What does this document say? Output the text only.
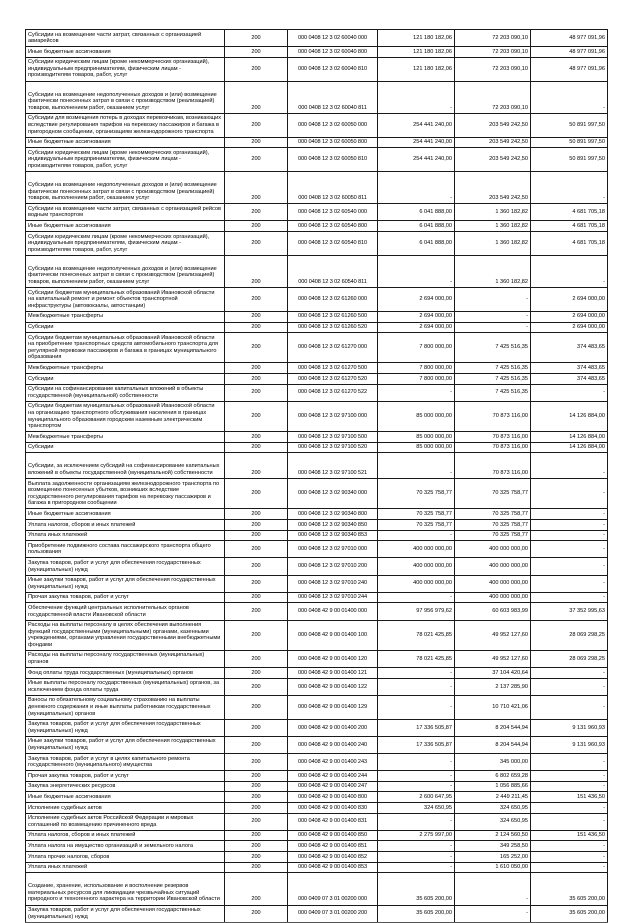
Субсидии на возмещение части затрат, связанных с организацией авиарейсов	200	000 0408 12 3 02 60040 000	121 180 182,06	72 203 090,10	48 977 091,96
Иные бюджетные ассигнования	200	000 0408 12 3 02 60040 800	121 180 182,06	72 203 090,10	48 977 091,96
Субсидии юридическим лицам (кроме некоммерческих организаций), индивидуальным предпринимателям, физическим лицам - производителям товаров, работ, услуг	200	000 0408 12 3 02 60040 810	121 180 182,06	72 203 090,10	48 977 091,96
Субсидии на возмещение недополученных доходов и (или) возмещение фактически понесенных затрат в связи с производством (реализацией) товаров, выполнением работ, оказанием услуг	200	000 0408 12 3 02 60040 811	-	72 203 090,10	-
Субсидии для возмещения потерь в доходах перевозчикам, возникающих вследствие регулирования тарифов на перевозку пассажиров и багажа в пригородном сообщении, организациям железнодорожного транспорта	200	000 0408 12 3 02 60050 000	254 441 240,00	203 549 242,50	50 891 997,50
Иные бюджетные ассигнования	200	000 0408 12 3 02 60050 800	254 441 240,00	203 549 242,50	50 891 997,50
Субсидии юридическим лицам (кроме некоммерческих организаций), индивидуальным предпринимателям, физическим лицам - производителям товаров, работ, услуг	200	000 0408 12 3 02 60050 810	254 441 240,00	203 549 242,50	50 891 997,50
Субсидии на возмещение недополученных доходов и (или) возмещение фактически понесенных затрат в связи с производством (реализацией) товаров, выполнением работ, оказанием услуг	200	000 0408 12 3 02 60050 811	-	203 549 242,50	-
Субсидии на возмещение части затрат, связанных с организацией рейсов водным транспортом	200	000 0408 12 3 02 60540 000	6 041 888,00	1 360 182,82	4 681 705,18
Иные бюджетные ассигнования	200	000 0408 12 3 02 60540 800	6 041 888,00	1 360 182,82	4 681 705,18
Субсидии юридическим лицам (кроме некоммерческих организаций), индивидуальным предпринимателям, физическим лицам - производителям товаров, работ, услуг	200	000 0408 12 3 02 60540 810	6 041 888,00	1 360 182,82	4 681 705,18
Субсидии на возмещение недополученных доходов и (или) возмещение фактически понесенных затрат в связи с производством (реализацией) товаров, выполнением работ, оказанием услуг	200	000 0408 12 3 02 60540 811	-	1 360 182,82	-
Субсидии бюджетам муниципальных образований Ивановской области на капитальный ремонт и ремонт объектов транспортной инфраструктуры (автовокзалы, автостанции)	200	000 0408 12 3 02 61260 000	2 694 000,00	-	2 694 000,00
Межбюджетные трансферты	200	000 0408 12 3 02 61260 500	2 694 000,00	-	2 694 000,00
Субсидии	200	000 0408 12 3 02 61260 520	2 694 000,00	-	2 694 000,00
Субсидии бюджетам муниципальных образований Ивановской области на приобретение транспортных средств автомобильного транспорта для регулярной перевозки пассажиров и багажа в границах муниципального образования	200	000 0408 12 3 02 61270 000	7 800 000,00	7 425 516,35	374 483,65
Межбюджетные трансферты	200	000 0408 12 3 02 61270 500	7 800 000,00	7 425 516,35	374 483,65
Субсидии	200	000 0408 12 3 02 61270 520	7 800 000,00	7 425 516,35	374 483,65
Субсидии на софинансирование капитальных вложений в объекты государственной (муниципальной) собственности	200	000 0408 12 3 02 61270 522	-	7 425 516,35	-
Субсидии бюджетам муниципальных образований Ивановской области на организацию транспортного обслуживания населения в границах муниципального образования городским наземным электрическим транспортом	200	000 0408 12 3 02 97100 000	85 000 000,00	70 873 116,00	14 126 884,00
Межбюджетные трансферты	200	000 0408 12 3 02 97100 500	85 000 000,00	70 873 116,00	14 126 884,00
Субсидии	200	000 0408 12 3 02 97100 520	85 000 000,00	70 873 116,00	14 126 884,00
Субсидии, за исключением субсидий на софинансирование капитальных вложений в объекты государственной (муниципальной) собственности	200	000 0408 12 3 02 97100 521	-	70 873 116,00	-
Выплата задолженности организациям железнодорожного транспорта по возмещению понесенных убытков, возникших вследствие государственного регулирования тарифов на перевозку пассажиров и багажа в пригородном сообщении	200	000 0408 12 3 02 90340 000	70 325 758,77	70 325 758,77	-
Иные бюджетные ассигнования	200	000 0408 12 3 02 90340 800	70 325 758,77	70 325 758,77	-
Уплата налогов, сборов и иных платежей	200	000 0408 12 3 02 90340 850	70 325 758,77	70 325 758,77	-
Уплата иных платежей	200	000 0408 12 3 02 90340 853	-	70 325 758,77	-
Приобретение подвижного состава пассажирского транспорта общего пользования	200	000 0408 12 3 02 97010 000	400 000 000,00	400 000 000,00	-
Закупка товаров, работ и услуг для обеспечения государственных (муниципальных) нужд	200	000 0408 12 3 02 97010 200	400 000 000,00	400 000 000,00	-
Иные закупки товаров, работ и услуг для обеспечения государственных (муниципальных) нужд	200	000 0408 12 3 02 97010 240	400 000 000,00	400 000 000,00	-
Прочая закупка товаров, работ и услуг	200	000 0408 12 3 02 97010 244	-	400 000 000,00	-
Обеспечение функций центральных исполнительных органов государственной власти Ивановской области	200	000 0408 42 9 00 01400 000	97 956 979,62	60 603 983,99	37 352 995,63
Расходы на выплаты персоналу в целях обеспечения выполнения функций государственными (муниципальными) органами, казенными учреждениями, органами управления государственными внебюджетными фондами	200	000 0408 42 9 00 01400 100	78 021 425,85	49 952 127,60	28 069 298,25
Расходы на выплаты персоналу государственных (муниципальных) органов	200	000 0408 42 9 00 01400 120	78 021 425,85	49 952 127,60	28 069 298,25
Фонд оплаты труда государственных (муниципальных) органов	200	000 0408 42 9 00 01400 121	-	37 104 420,64	-
Иные выплаты персоналу государственных (муниципальных) органов, за исключением фонда оплаты труда	200	000 0408 42 9 00 01400 122	-	2 137 285,90	-
Взносы по обязательному социальному страхованию на выплаты денежного содержания и иные выплаты работникам государственных (муниципальных) органов	200	000 0408 42 9 00 01400 129	-	10 710 421,06	-
Закупка товаров, работ и услуг для обеспечения государственных (муниципальных) нужд	200	000 0408 42 9 00 01400 200	17 336 505,87	8 204 544,94	9 131 960,93
Иные закупки товаров, работ и услуг для обеспечения государственных (муниципальных) нужд	200	000 0408 42 9 00 01400 240	17 336 505,87	8 204 544,94	9 131 960,93
Закупка товаров, работ и услуг в целях капитального ремонта государственного (муниципального) имущества	200	000 0408 42 9 00 01400 243	-	345 000,00	-
Прочая закупка товаров, работ и услуг	200	000 0408 42 9 00 01400 244	-	6 802 659,28	-
Закупка энергетических ресурсов	200	000 0408 42 9 00 01400 247	-	1 056 885,66	-
Иные бюджетные ассигнования	200	000 0408 42 9 00 01400 800	2 600 647,95	2 449 211,45	151 436,50
Исполнение судебных актов	200	000 0408 42 9 00 01400 830	324 650,95	324 650,95	-
Исполнение судебных актов Российской Федерации и мировых соглашений по возмещению причиненного вреда	200	000 0408 42 9 00 01400 831	-	324 650,95	-
Уплата налогов, сборов и иных платежей	200	000 0408 42 9 00 01400 850	2 275 997,00	2 124 560,50	151 436,50
Уплата налога на имущество организаций и земельного налога	200	000 0408 42 9 00 01400 851	-	349 258,50	-
Уплата прочих налогов, сборов	200	000 0408 42 9 00 01400 852	-	165 252,00	-
Уплата иных платежей	200	000 0408 42 9 00 01400 853	-	1 610 050,00	-
Создание, хранение, использование и восполнение резервов материальных ресурсов для ликвидации чрезвычайных ситуаций природного и техногенного характера на территории Ивановской области	200	000 0409 07 3 01 00200 000	35 605 200,00	-	35 605 200,00
Закупка товаров, работ и услуг для обеспечения государственных (муниципальных) нужд	200	000 0409 07 3 01 00200 200	35 605 200,00	-	35 605 200,00
